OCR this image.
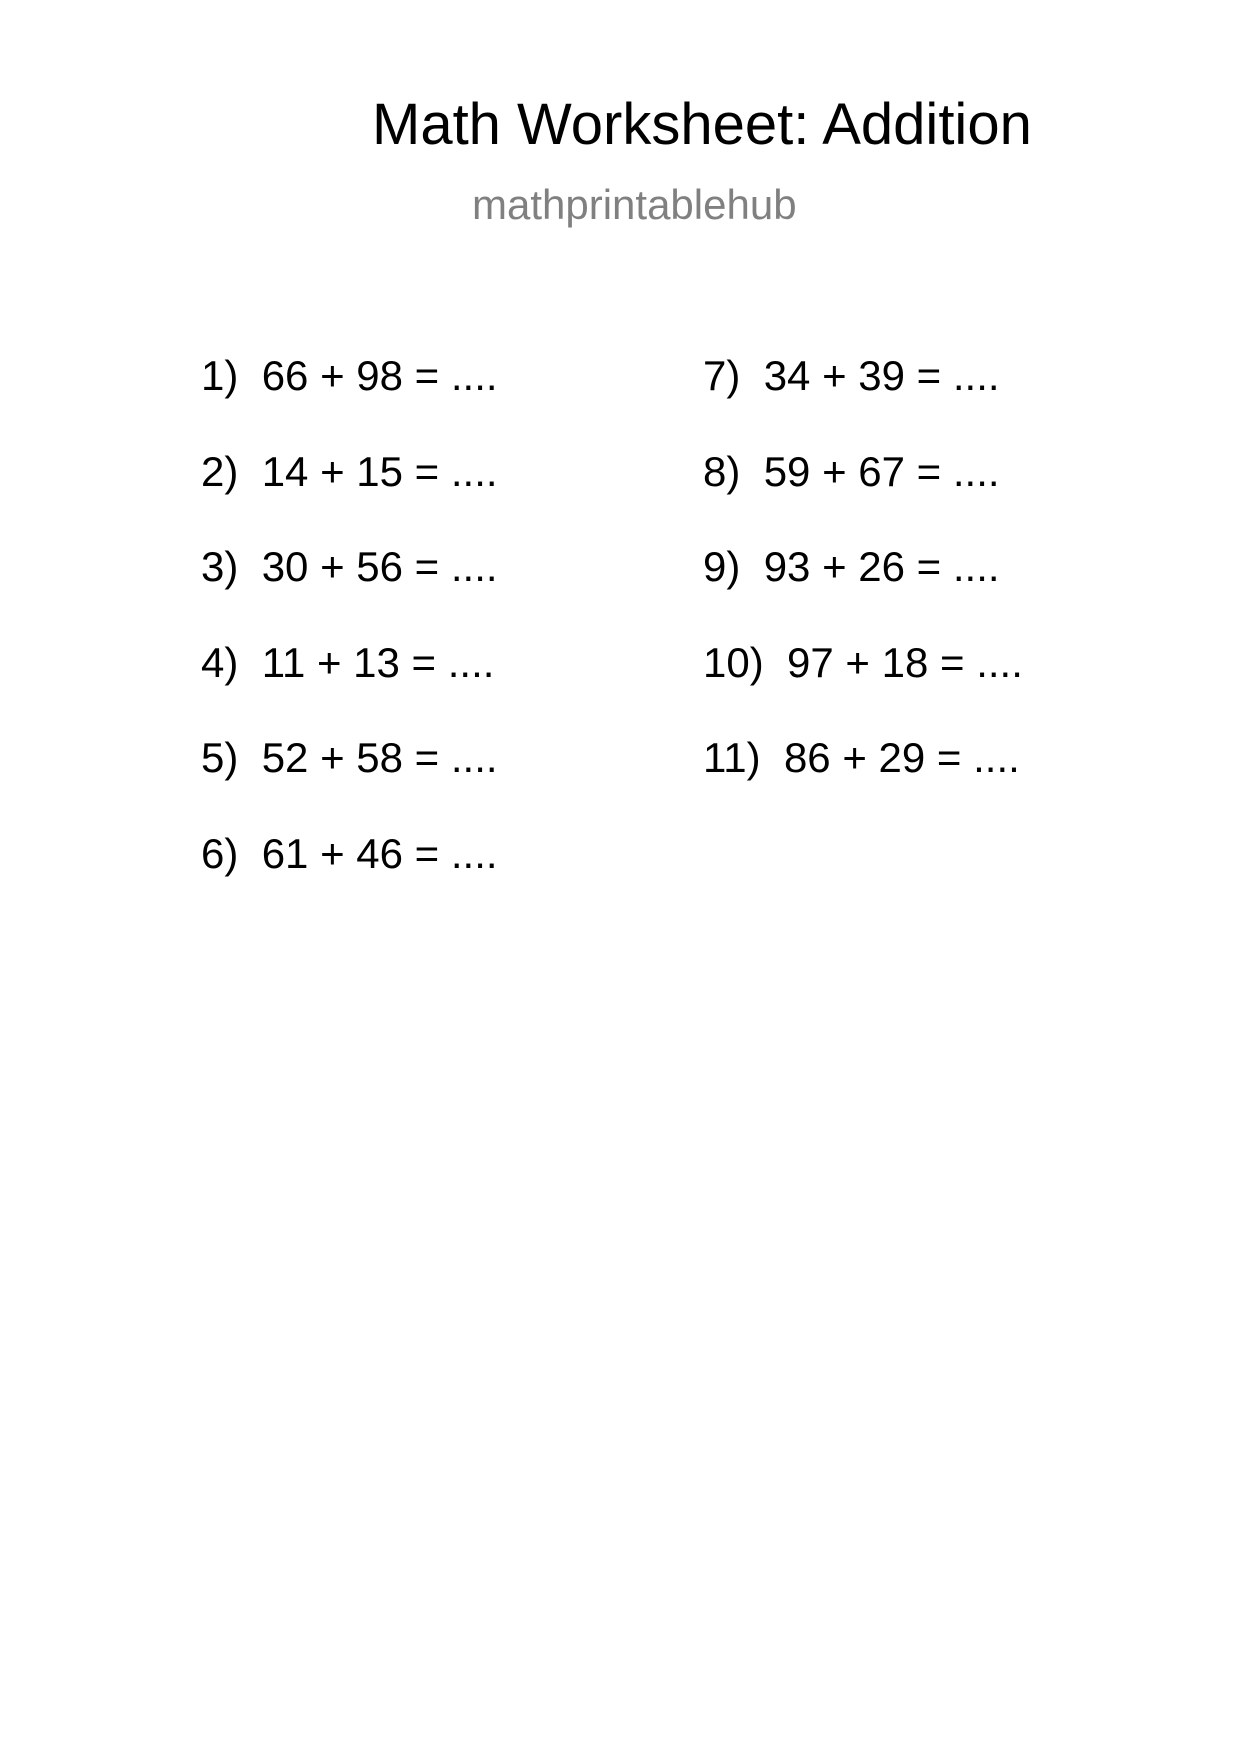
Math Worksheet: Addition
mathprintablehub
1) 66 + 98 = ....
2) 14 + 15 = ....
3) 30 + 56 = ....
4) 11 + 13 = ....
5) 52 + 58 = ....
6) 61 + 46 = ....
7) 34 + 39 = ....
8) 59 + 67 = ....
9) 93 + 26 = ....
10) 97 + 18 = ....
11) 86 + 29 = ....
